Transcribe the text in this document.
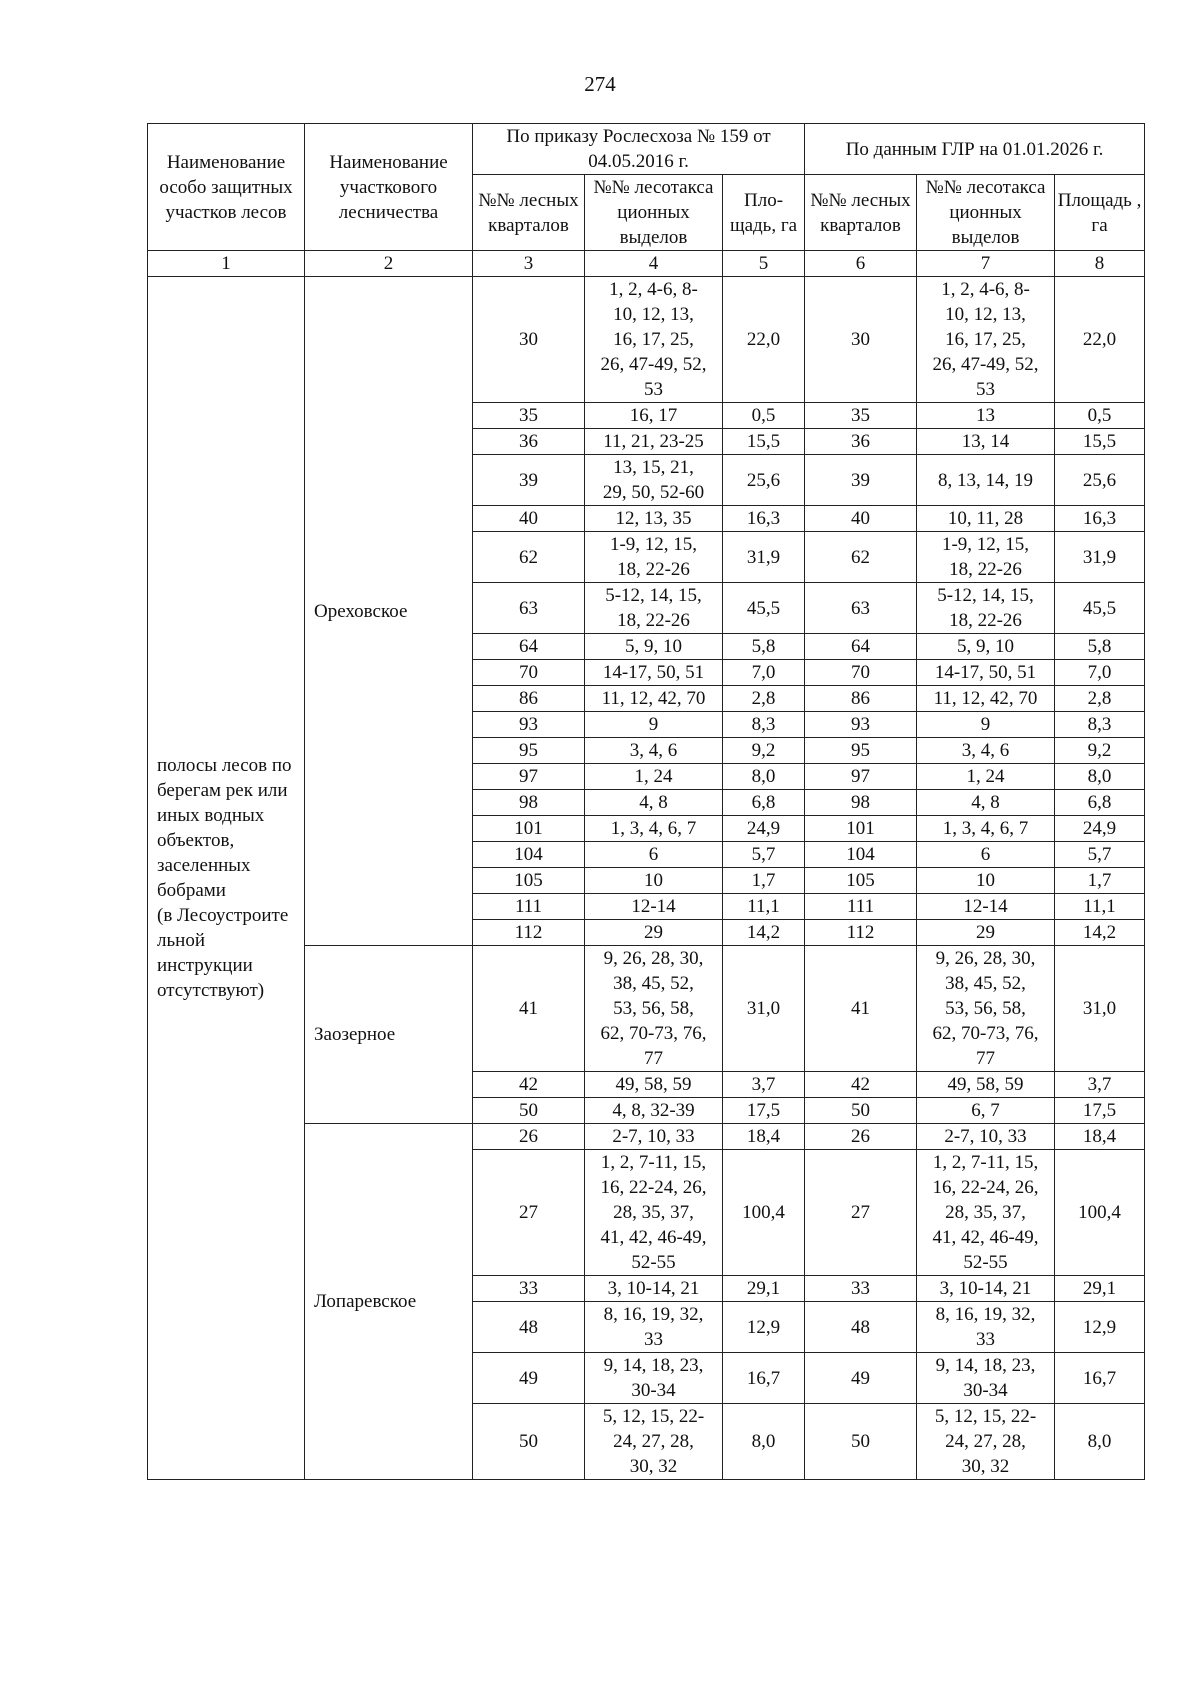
274
Наименование особо защитных участков лесов	Наименование участкового лесничества	По приказу Рослесхоза № 159 от 04.05.2016 г.			По данным ГЛР на 01.01.2026 г.		
		№№ лесных кварталов	№№ лесотакса ционных выделов	Пло-щадь, га	№№ лесных кварталов	№№ лесотакса ционных выделов	Площадь , га
1	2	3	4	5	6	7	8
полосы лесов по берегам рек или иных водных объектов, заселенных бобрами
(в Лесоустроите льной инструкции отсутствуют)	Ореховское	30	1, 2, 4-6, 8-
10, 12, 13,
16, 17, 25,
26, 47-49, 52,
53	22,0	30	1, 2, 4-6, 8-
10, 12, 13,
16, 17, 25,
26, 47-49, 52,
53	22,0
		35	16, 17	0,5	35	13	0,5
		36	11, 21, 23-25	15,5	36	13, 14	15,5
		39	13, 15, 21,
29, 50, 52-60	25,6	39	8, 13, 14, 19	25,6
		40	12, 13, 35	16,3	40	10, 11, 28	16,3
		62	1-9, 12, 15,
18, 22-26	31,9	62	1-9, 12, 15,
18, 22-26	31,9
		63	5-12, 14, 15,
18, 22-26	45,5	63	5-12, 14, 15,
18, 22-26	45,5
		64	5, 9, 10	5,8	64	5, 9, 10	5,8
		70	14-17, 50, 51	7,0	70	14-17, 50, 51	7,0
		86	11, 12, 42, 70	2,8	86	11, 12, 42, 70	2,8
		93	9	8,3	93	9	8,3
		95	3, 4, 6	9,2	95	3, 4, 6	9,2
		97	1, 24	8,0	97	1, 24	8,0
		98	4, 8	6,8	98	4, 8	6,8
		101	1, 3, 4, 6, 7	24,9	101	1, 3, 4, 6, 7	24,9
		104	6	5,7	104	6	5,7
		105	10	1,7	105	10	1,7
		111	12-14	11,1	111	12-14	11,1
		112	29	14,2	112	29	14,2
	Заозерное	41	9, 26, 28, 30,
38, 45, 52,
53, 56, 58,
62, 70-73, 76,
77	31,0	41	9, 26, 28, 30,
38, 45, 52,
53, 56, 58,
62, 70-73, 76,
77	31,0
		42	49, 58, 59	3,7	42	49, 58, 59	3,7
		50	4, 8, 32-39	17,5	50	6, 7	17,5
	Лопаревское	26	2-7, 10, 33	18,4	26	2-7, 10, 33	18,4
		27	1, 2, 7-11, 15,
16, 22-24, 26,
28, 35, 37,
41, 42, 46-49,
52-55	100,4	27	1, 2, 7-11, 15,
16, 22-24, 26,
28, 35, 37,
41, 42, 46-49,
52-55	100,4
		33	3, 10-14, 21	29,1	33	3, 10-14, 21	29,1
		48	8, 16, 19, 32,
33	12,9	48	8, 16, 19, 32,
33	12,9
		49	9, 14, 18, 23,
30-34	16,7	49	9, 14, 18, 23,
30-34	16,7
		50	5, 12, 15, 22-
24, 27, 28,
30, 32	8,0	50	5, 12, 15, 22-
24, 27, 28,
30, 32	8,0
